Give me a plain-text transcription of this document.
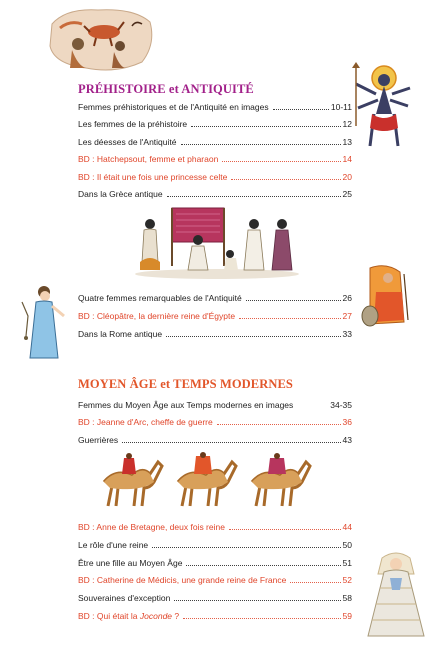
PRÉHISTOIRE et ANTIQUITÉ
Femmes préhistoriques et de l'Antiquité en images	10-11
Les femmes de la préhistoire	12
Les déesses de l'Antiquité	13
BD : Hatchepsout, femme et pharaon	14
BD : Il était une fois une princesse celte	20
Dans la Grèce antique	25
Quatre femmes remarquables de l'Antiquité	26
BD : Cléopâtre, la dernière reine d'Égypte	27
Dans la Rome antique	33
MOYEN ÂGE et TEMPS MODERNES
Femmes du Moyen Âge aux Temps modernes en images	34-35
BD : Jeanne d'Arc, cheffe de guerre	36
Guerrières	43
BD : Anne de Bretagne, deux fois reine	44
Le rôle d'une reine	50
Être une fille au Moyen Âge	51
BD : Catherine de Médicis, une grande reine de France	52
Souveraines d'exception	58
BD : Qui était la Joconde ?	59
